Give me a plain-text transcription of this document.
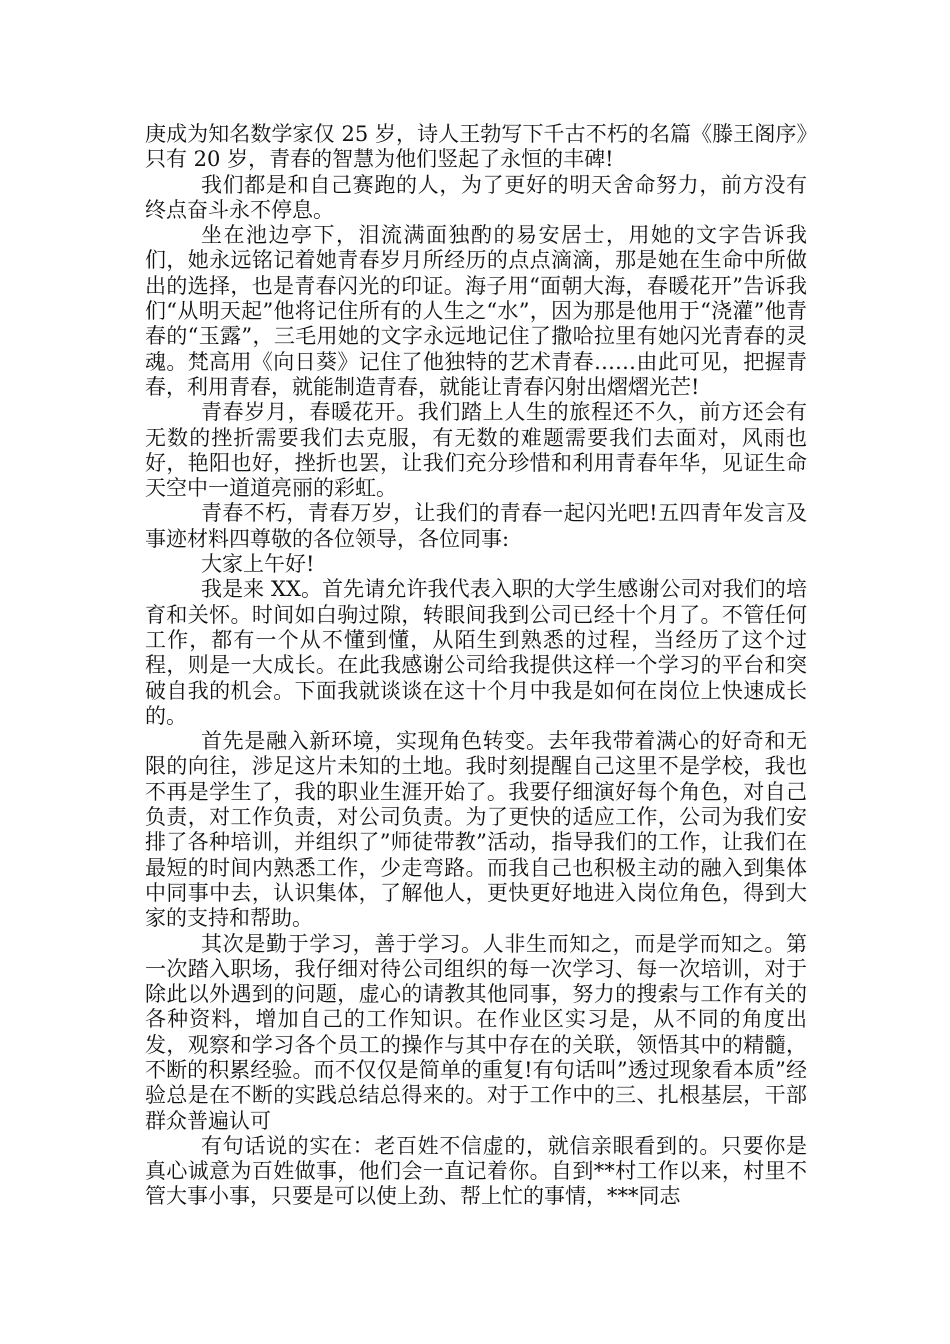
庚成为知名数学家仅 25 岁，诗人王勃写下千古不朽的名篇《滕王阁序》只有 20 岁，青春的智慧为他们竖起了永恒的丰碑!

我们都是和自己赛跑的人，为了更好的明天舍命努力，前方没有终点奋斗永不停息。

坐在池边亭下，泪流满面独酌的易安居士，用她的文字告诉我们，她永远铭记着她青春岁月所经历的点点滴滴，那是她在生命中所做出的选择，也是青春闪光的印证。海子用“面朝大海，春暖花开”告诉我们“从明天起”他将记住所有的人生之“水”，因为那是他用于“浇灌”他青春的“玉露”，三毛用她的文字永远地记住了撒哈拉里有她闪光青春的灵魂。梵高用《向日葵》记住了他独特的艺术青春……由此可见，把握青春，利用青春，就能制造青春，就能让青春闪射出熠熠光芒!

青春岁月，春暖花开。我们踏上人生的旅程还不久，前方还会有无数的挫折需要我们去克服，有无数的难题需要我们去面对，风雨也好，艳阳也好，挫折也罢，让我们充分珍惜和利用青春年华，见证生命天空中一道道亮丽的彩虹。

青春不朽，青春万岁，让我们的青春一起闪光吧!五四青年发言及事迹材料四尊敬的各位领导，各位同事:

大家上午好!

我是来 XX。首先请允许我代表入职的大学生感谢公司对我们的培育和关怀。时间如白驹过隙，转眼间我到公司已经十个月了。不管任何工作，都有一个从不懂到懂，从陌生到熟悉的过程，当经历了这个过程，则是一大成长。在此我感谢公司给我提供这样一个学习的平台和突破自我的机会。下面我就谈谈在这十个月中我是如何在岗位上快速成长的。

首先是融入新环境，实现角色转变。去年我带着满心的好奇和无限的向往，涉足这片未知的土地。我时刻提醒自己这里不是学校，我也不再是学生了，我的职业生涯开始了。我要仔细演好每个角色，对自己负责，对工作负责，对公司负责。为了更快的适应工作，公司为我们安排了各种培训，并组织了”师徒带教”活动，指导我们的工作，让我们在最短的时间内熟悉工作，少走弯路。而我自己也积极主动的融入到集体中同事中去，认识集体，了解他人，更快更好地进入岗位角色，得到大家的支持和帮助。

其次是勤于学习，善于学习。人非生而知之，而是学而知之。第一次踏入职场，我仔细对待公司组织的每一次学习、每一次培训，对于除此以外遇到的问题，虚心的请教其他同事，努力的搜索与工作有关的各种资料，增加自己的工作知识。在作业区实习是，从不同的角度出发，观察和学习各个员工的操作与其中存在的关联，领悟其中的精髓，不断的积累经验。而不仅仅是简单的重复!有句话叫”透过现象看本质”经验总是在不断的实践总结总得来的。对于工作中的三、扎根基层，干部群众普遍认可

有句话说的实在：老百姓不信虚的，就信亲眼看到的。只要你是真心诚意为百姓做事，他们会一直记着你。自到**村工作以来，村里不管大事小事，只要是可以使上劲、帮上忙的事情，***同志
